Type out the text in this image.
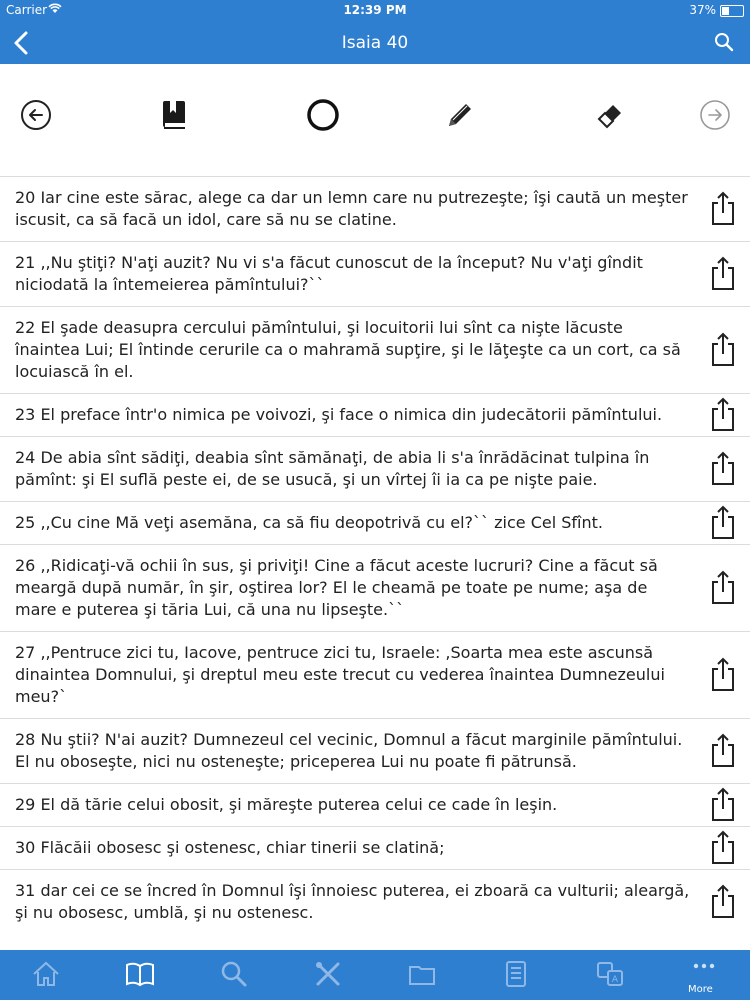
Carrier	12:39 PM	37%
Isaia 40
20 Iar cine este sărac, alege ca dar un lemn care nu putrezeşte; îşi caută un meşter iscusit, ca să facă un idol, care să nu se clatine.
21 ,,Nu ştiţi? N'aţi auzit? Nu vi s'a făcut cunoscut de la început? Nu v'aţi gîndit niciodată la întemeierea pămîntului?``
22 El şade deasupra cercului pămîntului, şi locuitorii lui sînt ca nişte lăcuste înaintea Lui; El întinde cerurile ca o mahramă supţire, şi le lăţeşte ca un cort, ca să locuiască în el.
23 El preface într'o nimica pe voivozi, şi face o nimica din judecătorii pămîntului.
24 De abia sînt sădiţi, deabia sînt sămănaţi, de abia li s'a înrădăcinat tulpina în pămînt: şi El suflă peste ei, de se usucă, şi un vîrtej îi ia ca pe nişte paie.
25 ,,Cu cine Mă veţi asemăna, ca să fiu deopotrivă cu el?`` zice Cel Sfînt.
26 ,,Ridicaţi-vă ochii în sus, şi priviţi! Cine a făcut aceste lucruri? Cine a făcut să meargă după număr, în şir, oştirea lor? El le cheamă pe toate pe nume; aşa de mare e puterea şi tăria Lui, că una nu lipseşte.``
27 ,,Pentruce zici tu, Iacove, pentruce zici tu, Israele: ,Soarta mea este ascunsă dinaintea Domnului, şi dreptul meu este trecut cu vederea înaintea Dumnezeului meu?`
28 Nu ştii? N'ai auzit? Dumnezeul cel vecinic, Domnul a făcut marginile pămîntului. El nu oboseşte, nici nu osteneşte; priceperea Lui nu poate fi pătrunsă.
29 El dă tărie celui obosit, şi măreşte puterea celui ce cade în leşin.
30 Flăcăii obosesc şi ostenesc, chiar tinerii se clatină;
31 dar cei ce se încred în Domnul îşi înnoiesc puterea, ei zboară ca vulturii; aleargă, şi nu obosesc, umblă, şi nu ostenesc.
A
More
